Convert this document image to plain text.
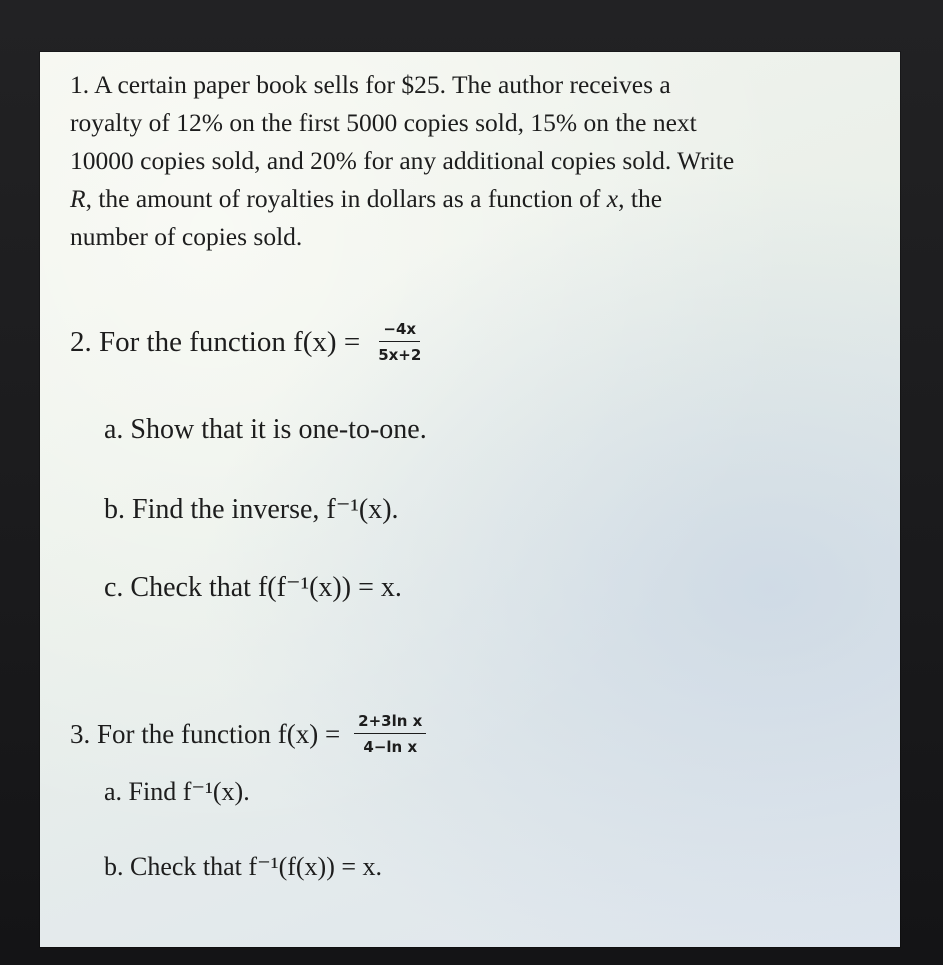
1. A certain paper book sells for $25. The author receives a
royalty of 12% on the first 5000 copies sold, 15% on the next
10000 copies sold, and 20% for any additional copies sold. Write
R, the amount of royalties in dollars as a function of x, the
number of copies sold.
2. For the function $f(x) = \frac{-4x}{5x+2}$
a. Show that it is one-to-one.
b. Find the inverse, f⁻¹(x).
c. Check that f(f⁻¹(x)) = x.
3. For the function $f(x) = \frac{\text{2+3ln x}}{\text{4−ln x}}$
a. Find f⁻¹(x).
b. Check that f⁻¹(f(x)) = x.
